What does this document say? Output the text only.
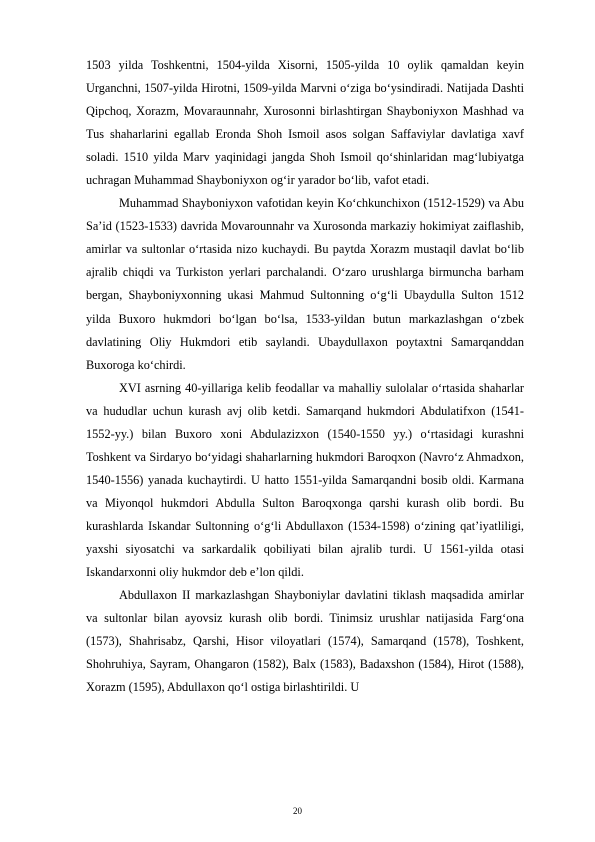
1503 yilda Toshkentni, 1504-yilda Xisorni, 1505-yilda 10 oylik qamaldan keyin Urganchni, 1507-yilda Hirotni, 1509-yilda Marvni o‘ziga bo‘ysindiradi. Natijada Dashti Qipchoq, Xorazm, Movaraunnahr, Xurosonni birlashtirgan Shayboniyxon Mashhad va Tus shaharlarini egallab Eronda Shoh Ismoil asos solgan Saffaviylar davlatiga xavf soladi. 1510 yilda Marv yaqinidagi jangda Shoh Ismoil qo‘shinlaridan mag‘lubiyatga uchragan Muhammad Shayboniyxon og‘ir yarador bo‘lib, vafot etadi.

Muhammad Shayboniyxon vafotidan keyin Ko‘chkunchixon (1512-1529) va Abu Sa’id (1523-1533) davrida Movarounnahr va Xurosonda markaziy hokimiyat zaiflashib, amirlar va sultonlar o‘rtasida nizo kuchaydi. Bu paytda Xorazm mustaqil davlat bo‘lib ajralib chiqdi va Turkiston yerlari parchalandi. O‘zaro urushlarga birmuncha barham bergan, Shayboniyxonning ukasi Mahmud Sultonning o‘g‘li Ubaydulla Sulton 1512 yilda Buxoro hukmdori bo‘lgan bo‘lsa, 1533-yildan butun markazlashgan o‘zbek davlatining Oliy Hukmdori etib saylandi. Ubaydullaxon poytaxtni Samarqanddan Buxoroga ko‘chirdi.

XVI asrning 40-yillariga kelib feodallar va mahalliy sulolalar o‘rtasida shaharlar va hududlar uchun kurash avj olib ketdi. Samarqand hukmdori Abdulatifxon (1541-1552-yy.) bilan Buxoro xoni Abdulazizxon (1540-1550 yy.) o‘rtasidagi kurashni Toshkent va Sirdaryo bo‘yidagi shaharlarning hukmdori Baroqxon (Navro‘z Ahmadxon, 1540-1556) yanada kuchaytirdi. U hatto 1551-yilda Samarqandni bosib oldi. Karmana va Miyonqol hukmdori Abdulla Sulton Baroqxonga qarshi kurash olib bordi. Bu kurashlarda Iskandar Sultonning o‘g‘li Abdullaxon (1534-1598) o‘zining qat’iyatliligi, yaxshi siyosatchi va sarkardalik qobiliyati bilan ajralib turdi. U 1561-yilda otasi Iskandarxonni oliy hukmdor deb e’lon qildi.

Abdullaxon II markazlashgan Shayboniylar davlatini tiklash maqsadida amirlar va sultonlar bilan ayovsiz kurash olib bordi. Tinimsiz urushlar natijasida Farg‘ona (1573), Shahrisabz, Qarshi, Hisor viloyatlari (1574), Samarqand (1578), Toshkent, Shohruhiya, Sayram, Ohangaron (1582), Balx (1583), Badaxshon (1584), Hirot (1588), Xorazm (1595), Abdullaxon qo‘l ostiga birlashtirildi. U

20
